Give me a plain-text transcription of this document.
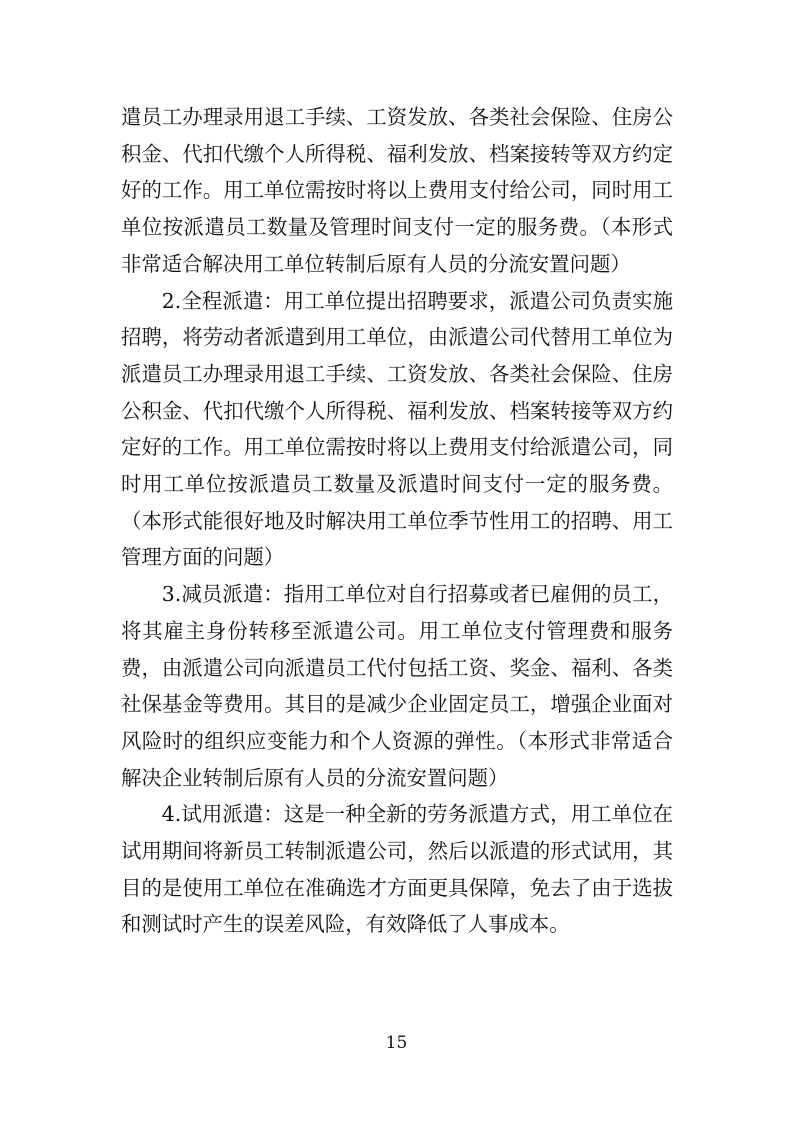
遣员工办理录用退工手续、工资发放、各类社会保险、住房公积金、代扣代缴个人所得税、福利发放、档案接转等双方约定好的工作。用工单位需按时将以上费用支付给公司，同时用工单位按派遣员工数量及管理时间支付一定的服务费。（本形式非常适合解决用工单位转制后原有人员的分流安置问题）

2.全程派遣：用工单位提出招聘要求，派遣公司负责实施招聘，将劳动者派遣到用工单位，由派遣公司代替用工单位为派遣员工办理录用退工手续、工资发放、各类社会保险、住房公积金、代扣代缴个人所得税、福利发放、档案转接等双方约定好的工作。用工单位需按时将以上费用支付给派遣公司，同时用工单位按派遣员工数量及派遣时间支付一定的服务费。（本形式能很好地及时解决用工单位季节性用工的招聘、用工管理方面的问题）

3.减员派遣：指用工单位对自行招募或者已雇佣的员工，将其雇主身份转移至派遣公司。用工单位支付管理费和服务费，由派遣公司向派遣员工代付包括工资、奖金、福利、各类社保基金等费用。其目的是减少企业固定员工，增强企业面对风险时的组织应变能力和个人资源的弹性。（本形式非常适合解决企业转制后原有人员的分流安置问题）

4.试用派遣：这是一种全新的劳务派遣方式，用工单位在试用期间将新员工转制派遣公司，然后以派遣的形式试用，其目的是使用工单位在准确选才方面更具保障，免去了由于选拔和测试时产生的误差风险，有效降低了人事成本。

15
